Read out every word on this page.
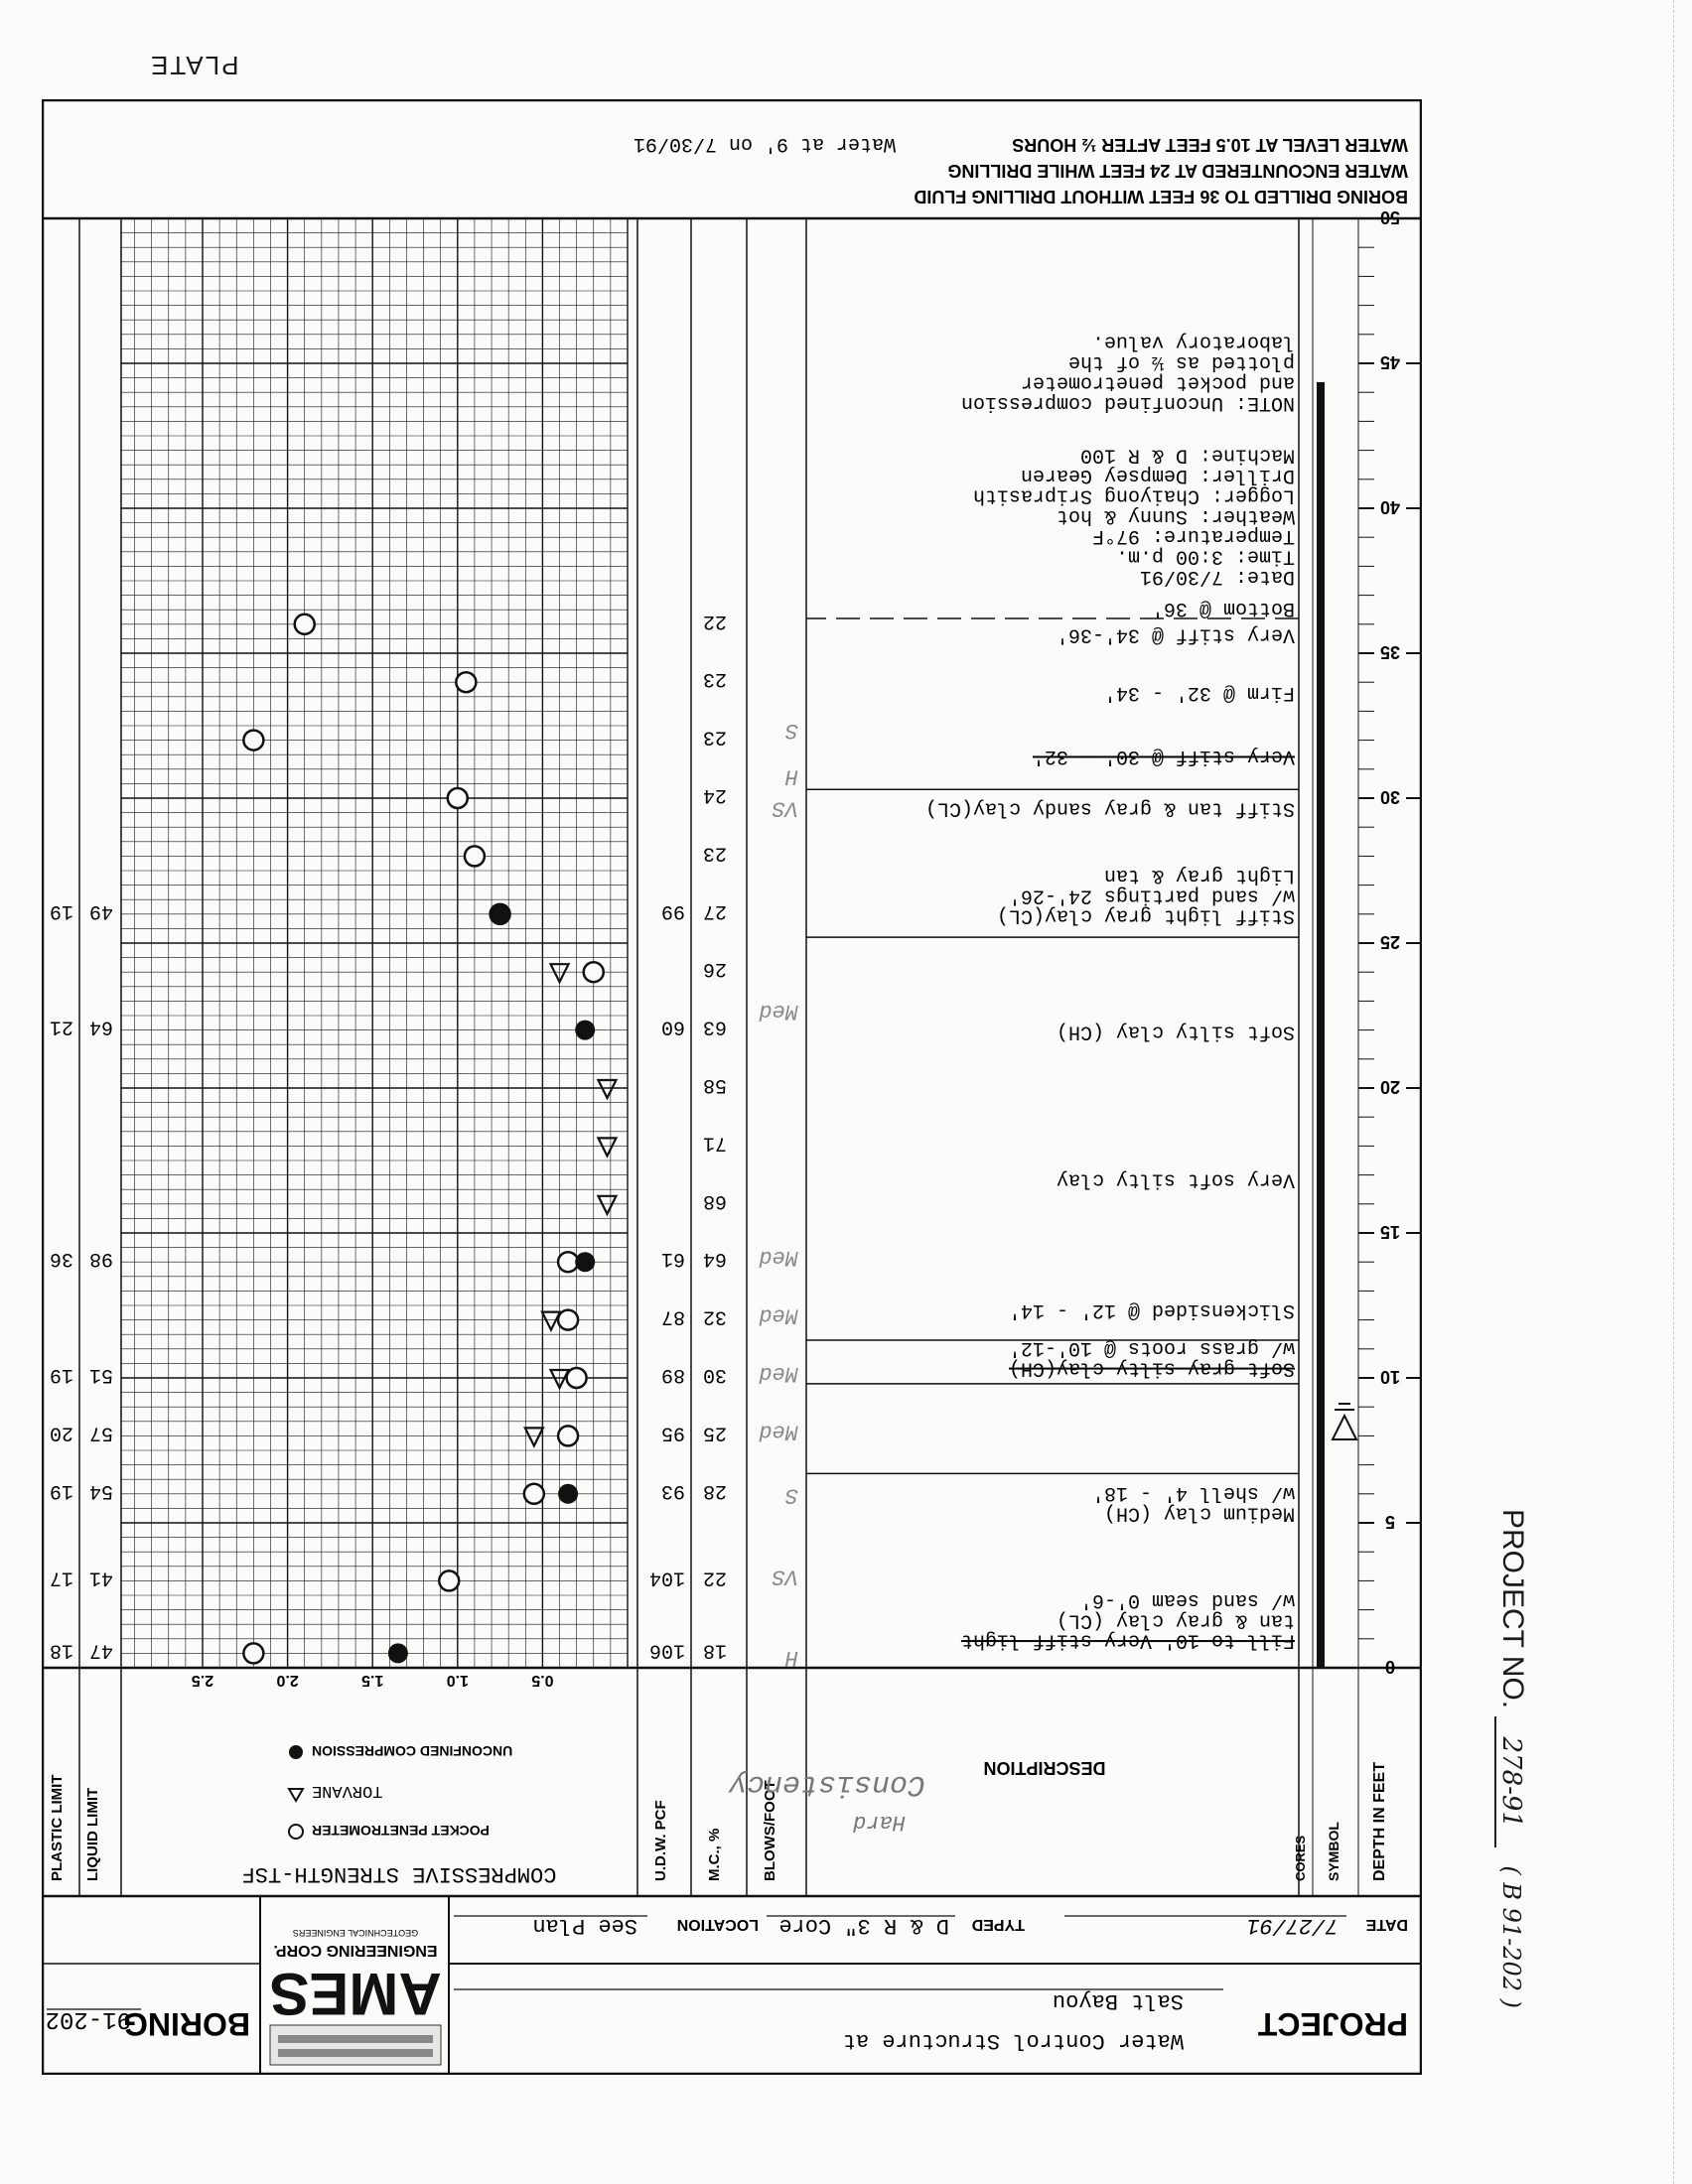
PROJECT NO. 278-91 ( B 91-202 )
PLATE
PROJECT
Water Control Structure at
Salt Bayou
DATE
7/27/91
TYPED
D & R 3" Core
LOCATION
See Plan
AMES
ENGINEERING CORP.
GEOTECHNICAL ENGINEERS
BORING
91-202
DEPTH IN FEET
SYMBOL
CORES
DESCRIPTION
BLOWS/FOOT
M.C., %
U.D.W. PCF
COMPRESSIVE STRENGTH-TSF
POCKET PENETROMETER
TORVANE
UNCONFINED COMPRESSION
0.5
1.0
1.5
2.0
2.5
LIQUID LIMIT
PLASTIC LIMIT	Consistency
Hard
0
5
10
15
20
25
30
35
40
45
50
Fill to 10' Very stiff light
tan & gray clay (CL)
w/ sand seam 0'-6'
Medium clay (CH)
w/ shell 4' - 18'
Soft gray silty clay(CH)
w/ grass roots @ 10'-12'
Slickensided @ 12' - 14'
Very soft silty clay
Soft silty clay (CH)
Stiff light gray clay(CL)
w/ sand partings 24'-26'
Light gray & tan
Stiff tan & gray sandy clay(CL)
Very stiff @ 30' - 32'
Firm @ 32' - 34'
Very stiff @ 34'-36'
Bottom @ 36'
Date: 7/30/91
Time: 3:00 p.m.
Temperature: 97°F
Weather: Sunny & hot
Logger: Chaiyong Sriprasith
Driller: Dempsey Gearen
Machine: D & R 100
NOTE: Unconfined compression
and pocket penetrometer
plotted as ½ of the
laboratory value.
H
VS
S
Med
Med
Med
Med
Med
VS
H
S
18
106
47
18
22
104
41
17
28
93
54
19
25
95
57
20
30
89
51
19
32
87
64
61
98
36
68
71
58
63
60
64
21
26
27
99
49
19
23
24
23
23
22
BORING DRILLED TO 36 FEET WITHOUT DRILLING FLUID
WATER ENCOUNTERED AT 24 FEET WHILE DRILLING
WATER LEVEL AT 10.5 FEET AFTER ½ HOURS
Water at 9' on 7/30/91
